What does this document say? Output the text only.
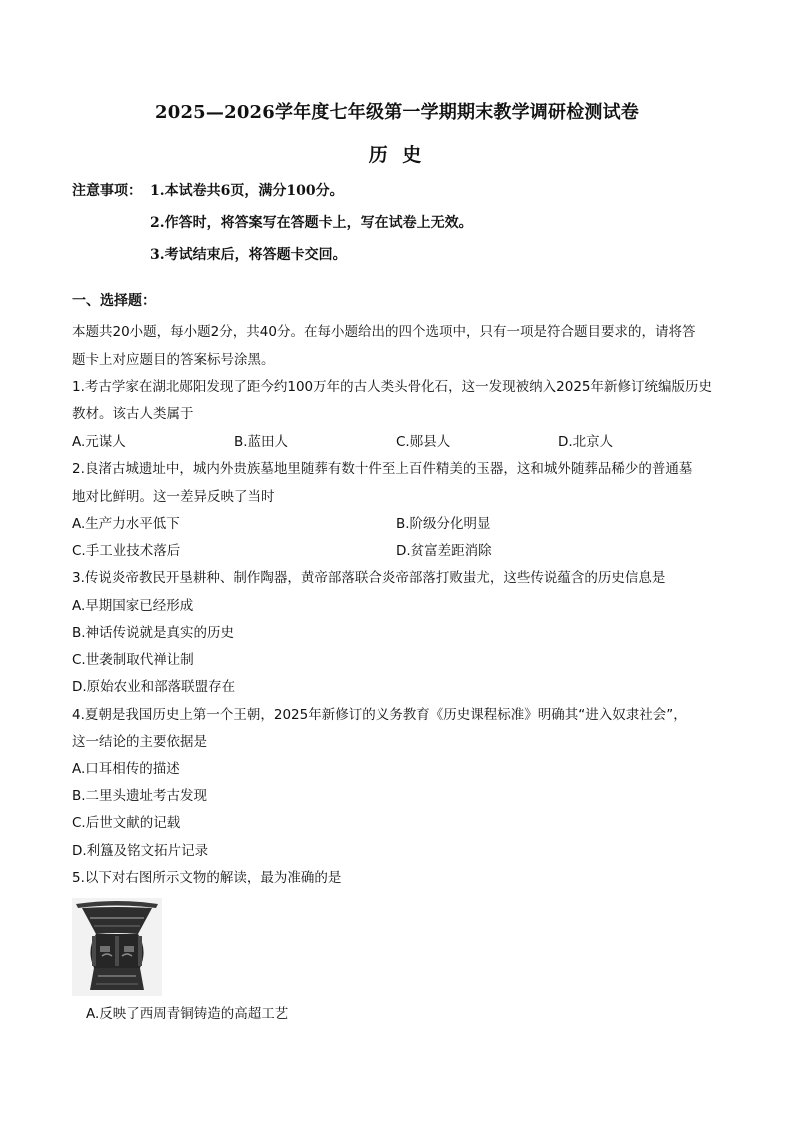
2025—2026学年度七年级第一学期期末教学调研检测试卷
历 史
注意事项： 1.本试卷共6页，满分100分。
2.作答时，将答案写在答题卡上，写在试卷上无效。
3.考试结束后，将答题卡交回。
一、选择题：
本题共20小题，每小题2分，共40分。在每小题给出的四个选项中，只有一项是符合题目要求的，请将答
题卡上对应题目的答案标号涂黑。
1.考古学家在湖北郧阳发现了距今约100万年的古人类头骨化石，这一发现被纳入2025年新修订统编版历史
教材。该古人类属于
A.元谋人	B.蓝田人	C.郧县人	D.北京人
2.良渚古城遗址中，城内外贵族墓地里随葬有数十件至上百件精美的玉器，这和城外随葬品稀少的普通墓
地对比鲜明。这一差异反映了当时
A.生产力水平低下	B.阶级分化明显
C.手工业技术落后	D.贫富差距消除
3.传说炎帝教民开垦耕种、制作陶器，黄帝部落联合炎帝部落打败蚩尤，这些传说蕴含的历史信息是
A.早期国家已经形成
B.神话传说就是真实的历史
C.世袭制取代禅让制
D.原始农业和部落联盟存在
4.夏朝是我国历史上第一个王朝，2025年新修订的义务教育《历史课程标准》明确其“进入奴隶社会”，
这一结论的主要依据是
A.口耳相传的描述
B.二里头遗址考古发现
C.后世文献的记载
D.利簋及铭文拓片记录
5.以下对右图所示文物的解读，最为准确的是
A.反映了西周青铜铸造的高超工艺
